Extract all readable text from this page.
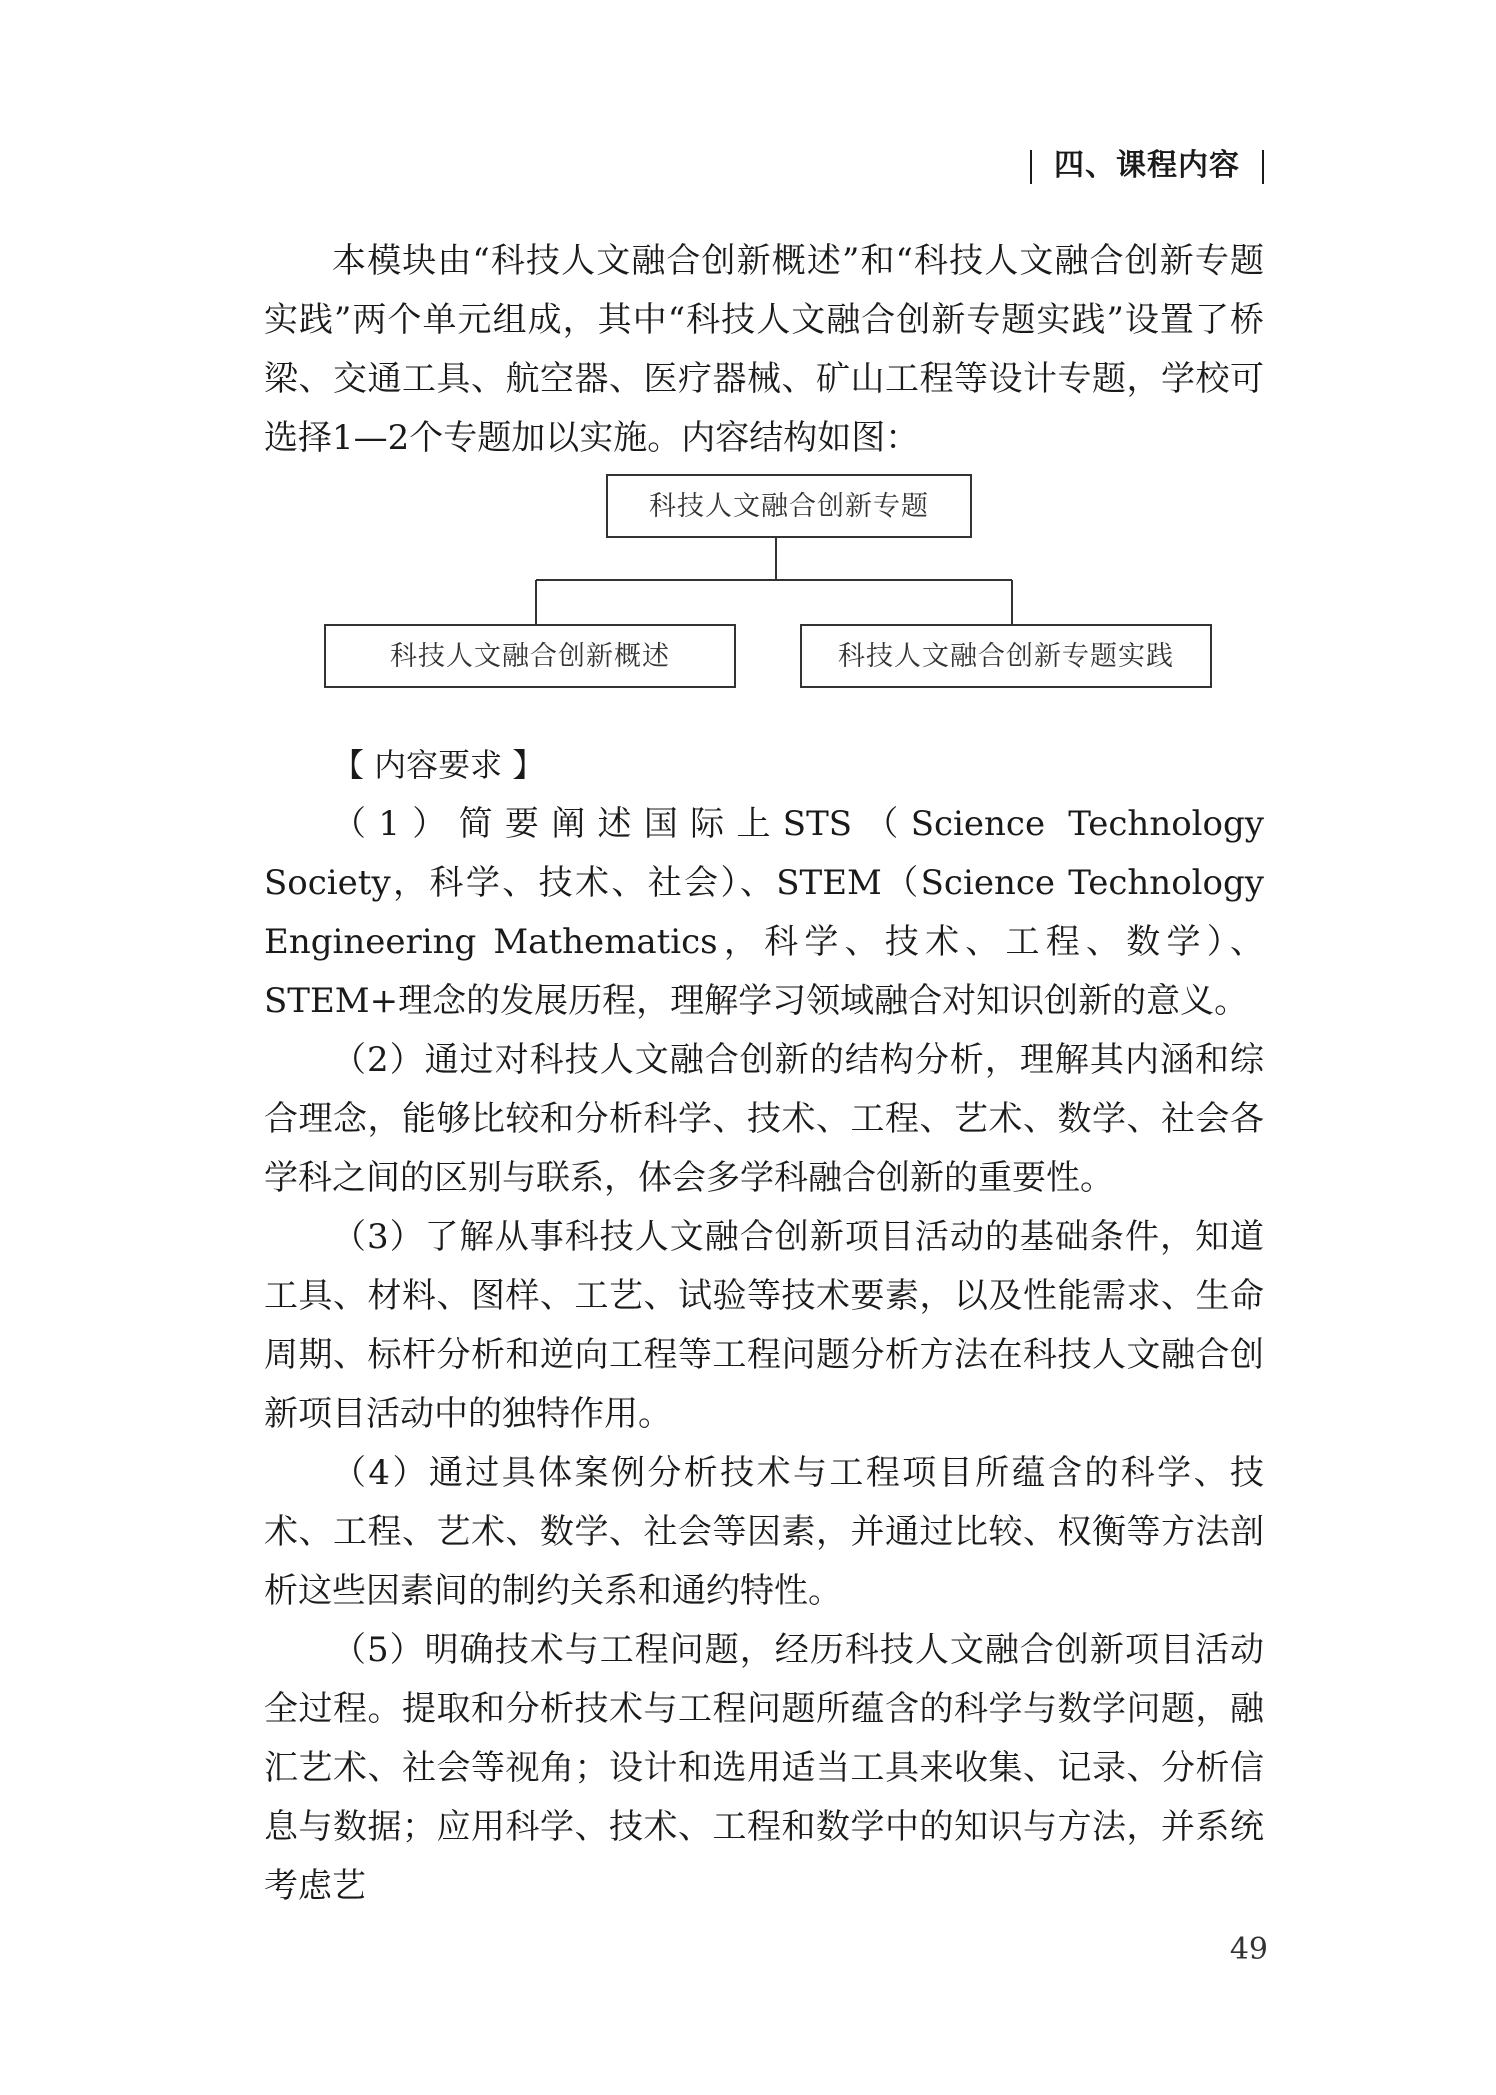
四、课程内容

本模块由“科技人文融合创新概述”和“科技人文融合创新专题实践”两个单元组成，其中“科技人文融合创新专题实践”设置了桥梁、交通工具、航空器、医疗器械、矿山工程等设计专题，学校可选择1—2个专题加以实施。内容结构如图：

科技人文融合创新专题
科技人文融合创新概述	科技人文融合创新专题实践

【 内容要求 】

（1）简要阐述国际上STS（Science Technology Society，科学、技术、社会）、STEM（Science Technology Engineering Mathematics，科学、技术、工程、数学）、STEM+理念的发展历程，理解学习领域融合对知识创新的意义。

（2）通过对科技人文融合创新的结构分析，理解其内涵和综合理念，能够比较和分析科学、技术、工程、艺术、数学、社会各学科之间的区别与联系，体会多学科融合创新的重要性。

（3）了解从事科技人文融合创新项目活动的基础条件，知道工具、材料、图样、工艺、试验等技术要素，以及性能需求、生命周期、标杆分析和逆向工程等工程问题分析方法在科技人文融合创新项目活动中的独特作用。

（4）通过具体案例分析技术与工程项目所蕴含的科学、技术、工程、艺术、数学、社会等因素，并通过比较、权衡等方法剖析这些因素间的制约关系和通约特性。

（5）明确技术与工程问题，经历科技人文融合创新项目活动全过程。提取和分析技术与工程问题所蕴含的科学与数学问题，融汇艺术、社会等视角；设计和选用适当工具来收集、记录、分析信息与数据；应用科学、技术、工程和数学中的知识与方法，并系统考虑艺

49
